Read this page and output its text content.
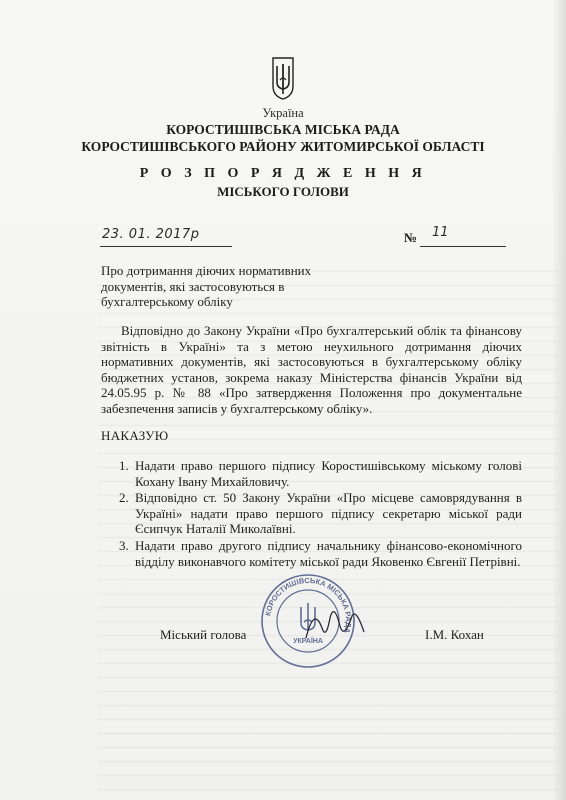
Україна
КОРОСТИШІВСЬКА МІСЬКА РАДА
КОРОСТИШІВСЬКОГО РАЙОНУ ЖИТОМИРСЬКОЇ ОБЛАСТІ
Р О З П О Р Я Д Ж Е Н Н Я
МІСЬКОГО ГОЛОВИ
23. 01. 2017р	№ 11
Про дотримання діючих нормативних
документів, які застосовуються в
бухгалтерському обліку
Відповідно до Закону України «Про бухгалтерський облік та фінансову звітність в Україні» та з метою неухильного дотримання діючих нормативних документів, які застосовуються в бухгалтерському обліку бюджетних установ, зокрема наказу Міністерства фінансів України від 24.05.95 р. № 88 «Про затвердження Положення про документальне забезпечення записів у бухгалтерському обліку».
НАКАЗУЮ
1. Надати право першого підпису Коростишівському міському голові Кохану Івану Михайловичу.
2. Відповідно ст. 50 Закону України «Про місцеве самоврядування в Україні» надати право першого підпису секретарю міської ради Єсипчук Наталії Миколаївні.
3. Надати право другого підпису начальнику фінансово-економічного відділу виконавчого комітету міської ради Яковенко Євгенії Петрівні.
КОРОСТИШІВСЬКА МІСЬКА РАДА
УКРАЇНА
Міський голова	І.М. Кохан
